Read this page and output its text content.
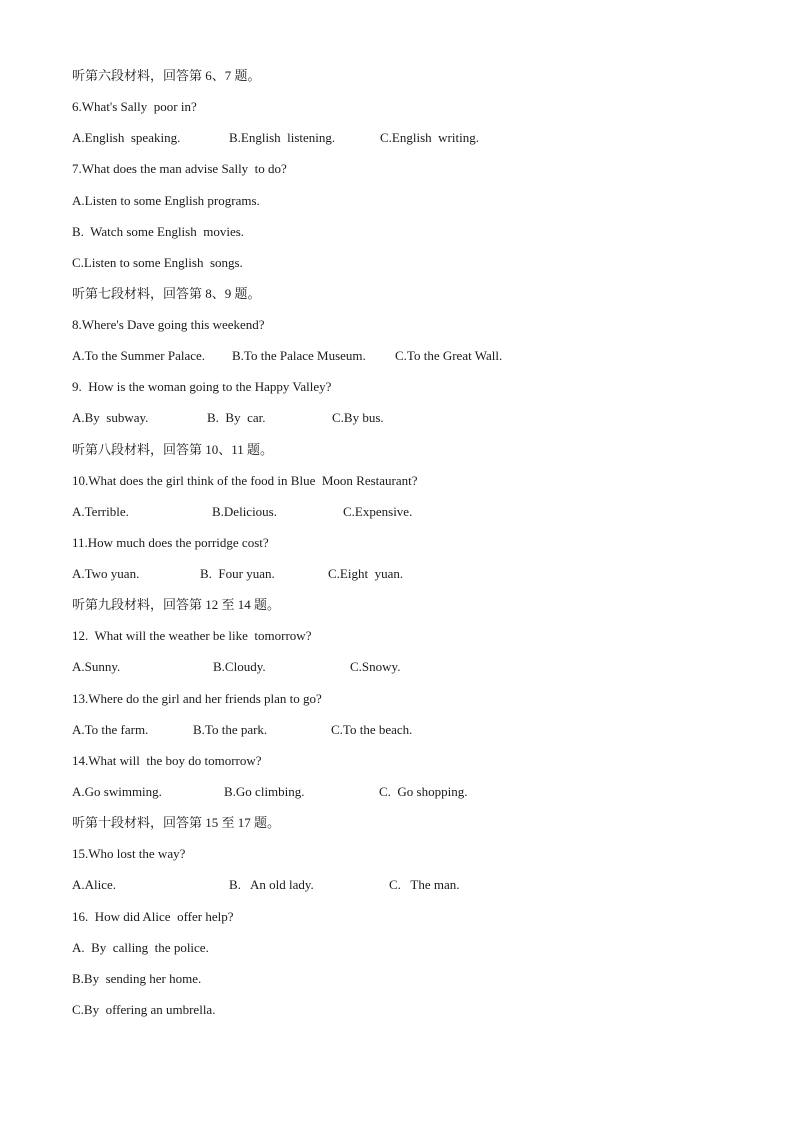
听第六段材料，回答第 6、7 题。
6.What's Sally  poor in?
A.English  speaking.	B.English  listening.	C.English  writing.
7.What does the man advise Sally  to do?
A.Listen to some English programs.
B.  Watch some English  movies.
C.Listen to some English  songs.
听第七段材料，回答第 8、9 题。
8.Where's Dave going this weekend?
A.To the Summer Palace. B.To the Palace Museum. C.To the Great Wall.
9.  How is the woman going to the Happy Valley?
A.By  subway.	B.  By  car.	C.By bus.
听第八段材料，回答第 10、11 题。
10.What does the girl think of the food in Blue  Moon Restaurant?
A.Terrible.	B.Delicious.	C.Expensive.
11.How much does the porridge cost?
A.Two yuan.	B.  Four yuan.	C.Eight  yuan.
听第九段材料，回答第 12 至 14 题。
12.  What will the weather be like  tomorrow?
A.Sunny.	B.Cloudy.	C.Snowy.
13.Where do the girl and her friends plan to go?
A.To the farm.	B.To the park.	C.To the beach.
14.What will  the boy do tomorrow?
A.Go swimming.	B.Go climbing.	C.  Go shopping.
听第十段材料，回答第 15 至 17 题。
15.Who lost the way?
A.Alice.	B.   An old lady.	C.   The man.
16.  How did Alice  offer help?
A.  By  calling  the police.
B.By  sending her home.
C.By  offering an umbrella.
